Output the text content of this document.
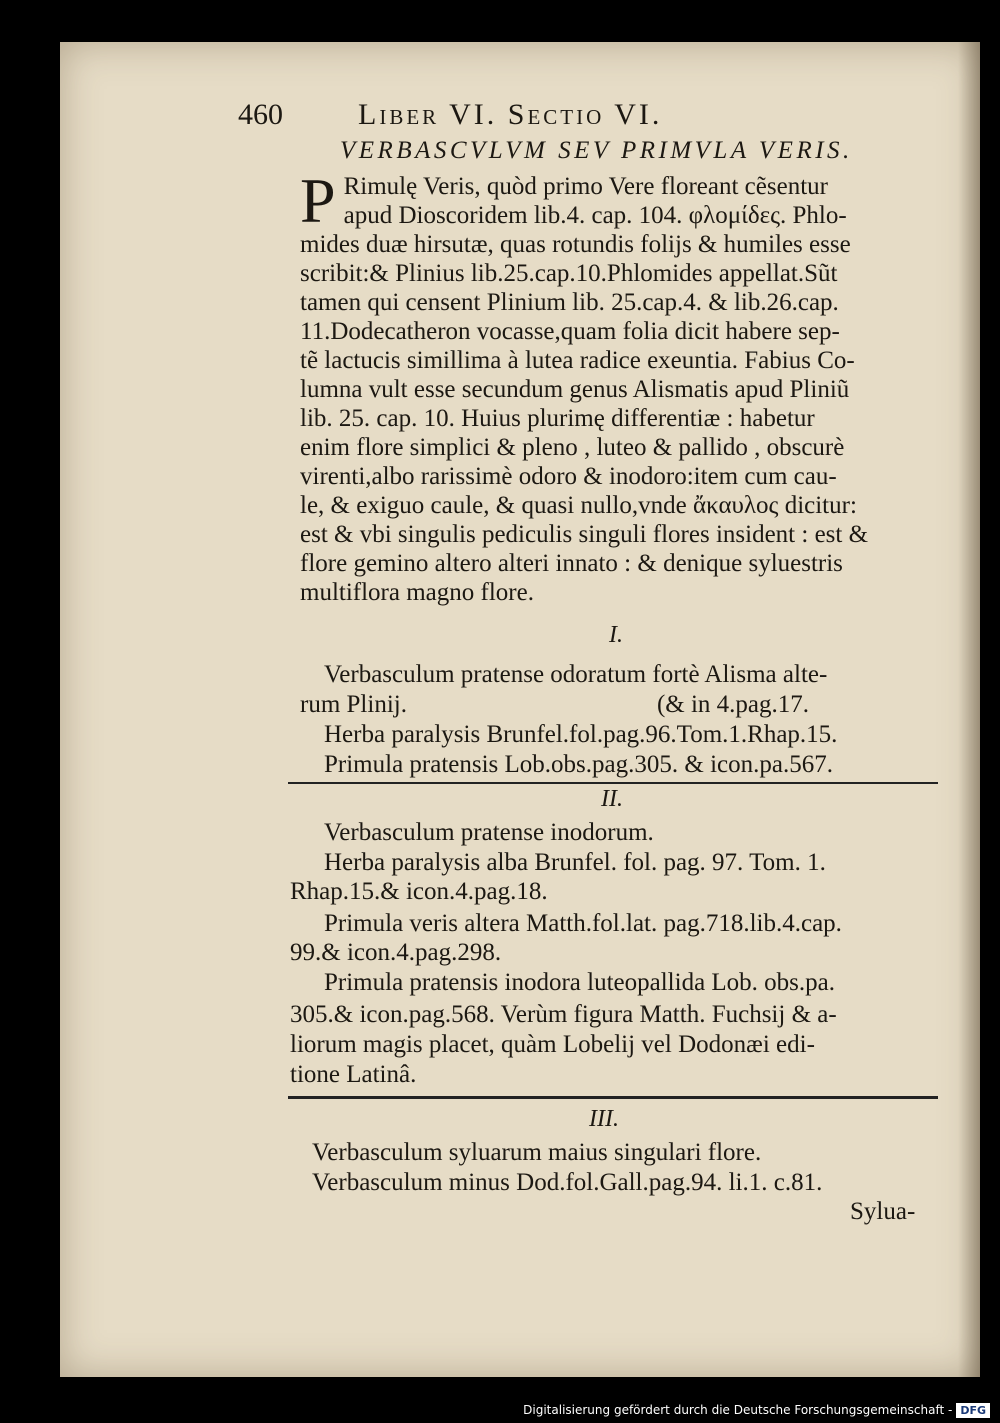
460	Liber VI. Sectio VI.
VERBASCVLVM SEV PRIMVLA VERIS.
P Rimulę Veris, quòd primo Vere floreant cẽsentur
apud Dioscoridem lib.4. cap. 104. φλομίδες. Phlo-
mides duæ hirsutæ, quas rotundis folijs & humiles esse
scribit:& Plinius lib.25.cap.10.Phlomides appellat.Sũt
tamen qui censent Plinium lib. 25.cap.4. & lib.26.cap.
11.Dodecatheron vocasse,quam folia dicit habere sep-
tẽ lactucis simillima à lutea radice exeuntia. Fabius Co-
lumna vult esse secundum genus Alismatis apud Pliniũ
lib. 25. cap. 10. Huius plurimę differentiæ : habetur
enim flore simplici & pleno , luteo & pallido , obscurè
virenti,albo rarissimè odoro & inodoro:item cum cau-
le, & exiguo caule, & quasi nullo,vnde ἄκαυλος dicitur:
est & vbi singulis pediculis singuli flores insident : est &
flore gemino altero alteri innato : & denique syluestris
multiflora magno flore.
I.
Verbasculum pratense odoratum fortè Alisma alte-
rum Plinij.                                        (& in 4.pag.17.
Herba paralysis Brunfel.fol.pag.96.Tom.1.Rhap.15.
Primula pratensis Lob.obs.pag.305. & icon.pa.567.
II.
Verbasculum pratense inodorum.
Herba paralysis alba Brunfel. fol. pag. 97. Tom. 1.
Rhap.15.& icon.4.pag.18.
Primula veris altera Matth.fol.lat. pag.718.lib.4.cap.
99.& icon.4.pag.298.
Primula pratensis inodora luteopallida Lob. obs.pa.
305.& icon.pag.568. Verùm figura Matth. Fuchsij & a-
liorum magis placet, quàm Lobelij vel Dodonæi edi-
tione Latinâ.
III.
Verbasculum syluarum maius singulari flore.
Verbasculum minus Dod.fol.Gall.pag.94. li.1. c.81.
Sylua-
Digitalisierung gefördert durch die Deutsche Forschungsgemeinschaft - DFG
